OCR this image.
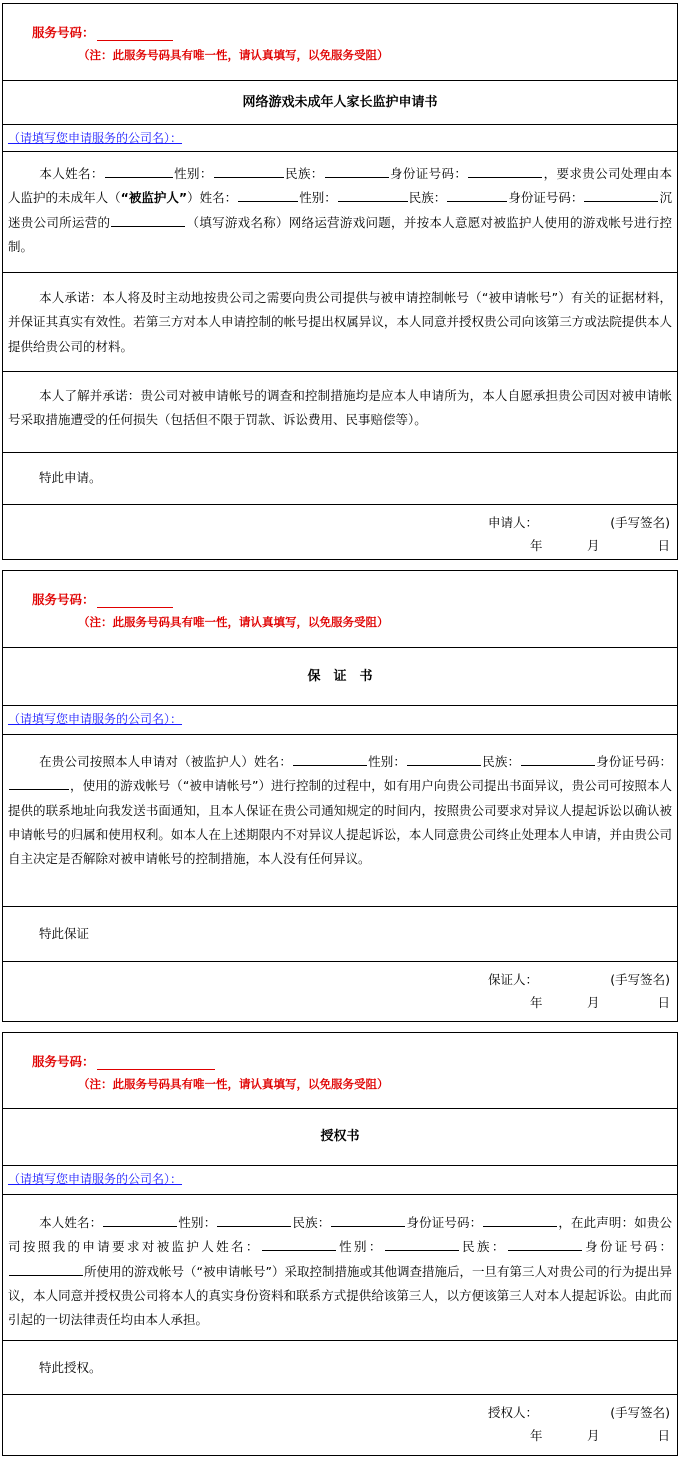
服务号码：
（注：此服务号码具有唯一性，请认真填写，以免服务受阻）
网络游戏未成年人家长监护申请书
（请填写您申请服务的公司名）：
本人姓名：	性别：	民族：	身份证号码：	，要求贵公司处理由本人监护的未成年人（“被监护人”）姓名：	性别：	民族：	身份证号码：	沉迷贵公司所运营的	（填写游戏名称）网络运营游戏问题，并按本人意愿对被监护人使用的游戏帐号进行控制。
本人承诺：本人将及时主动地按贵公司之需要向贵公司提供与被申请控制帐号（“被申请帐号”）有关的证据材料，并保证其真实有效性。若第三方对本人申请控制的帐号提出权属异议，本人同意并授权贵公司向该第三方或法院提供本人提供给贵公司的材料。
本人了解并承诺：贵公司对被申请帐号的调查和控制措施均是应本人申请所为，本人自愿承担贵公司因对被申请帐号采取措施遭受的任何损失（包括但不限于罚款、诉讼费用、民事赔偿等）。
特此申请。
申请人：	(手写签名)
年	月	日
服务号码：
（注：此服务号码具有唯一性，请认真填写，以免服务受阻）
保　证　书
（请填写您申请服务的公司名）：
在贵公司按照本人申请对（被监护人）姓名：	性别：	民族：	身份证号码：，使用的游戏帐号（“被申请帐号”）进行控制的过程中，如有用户向贵公司提出书面异议，贵公司可按照本人提供的联系地址向我发送书面通知，且本人保证在贵公司通知规定的时间内，按照贵公司要求对异议人提起诉讼以确认被申请帐号的归属和使用权利。如本人在上述期限内不对异议人提起诉讼，本人同意贵公司终止处理本人申请，并由贵公司自主决定是否解除对被申请帐号的控制措施，本人没有任何异议。
特此保证
保证人：	(手写签名)
年	月	日
服务号码：
（注：此服务号码具有唯一性，请认真填写，以免服务受阻）
授权书
（请填写您申请服务的公司名）：
本人姓名：	性别：	民族：	身份证号码：	，在此声明：如贵公司按照我的申请要求对被监护人姓名：	性别：	民族：	身份证号码：所使用的游戏帐号（“被申请帐号”）采取控制措施或其他调查措施后，一旦有第三人对贵公司的行为提出异议，本人同意并授权贵公司将本人的真实身份资料和联系方式提供给该第三人，以方便该第三人对本人提起诉讼。由此而引起的一切法律责任均由本人承担。
特此授权。
授权人：	(手写签名)
年	月	日
